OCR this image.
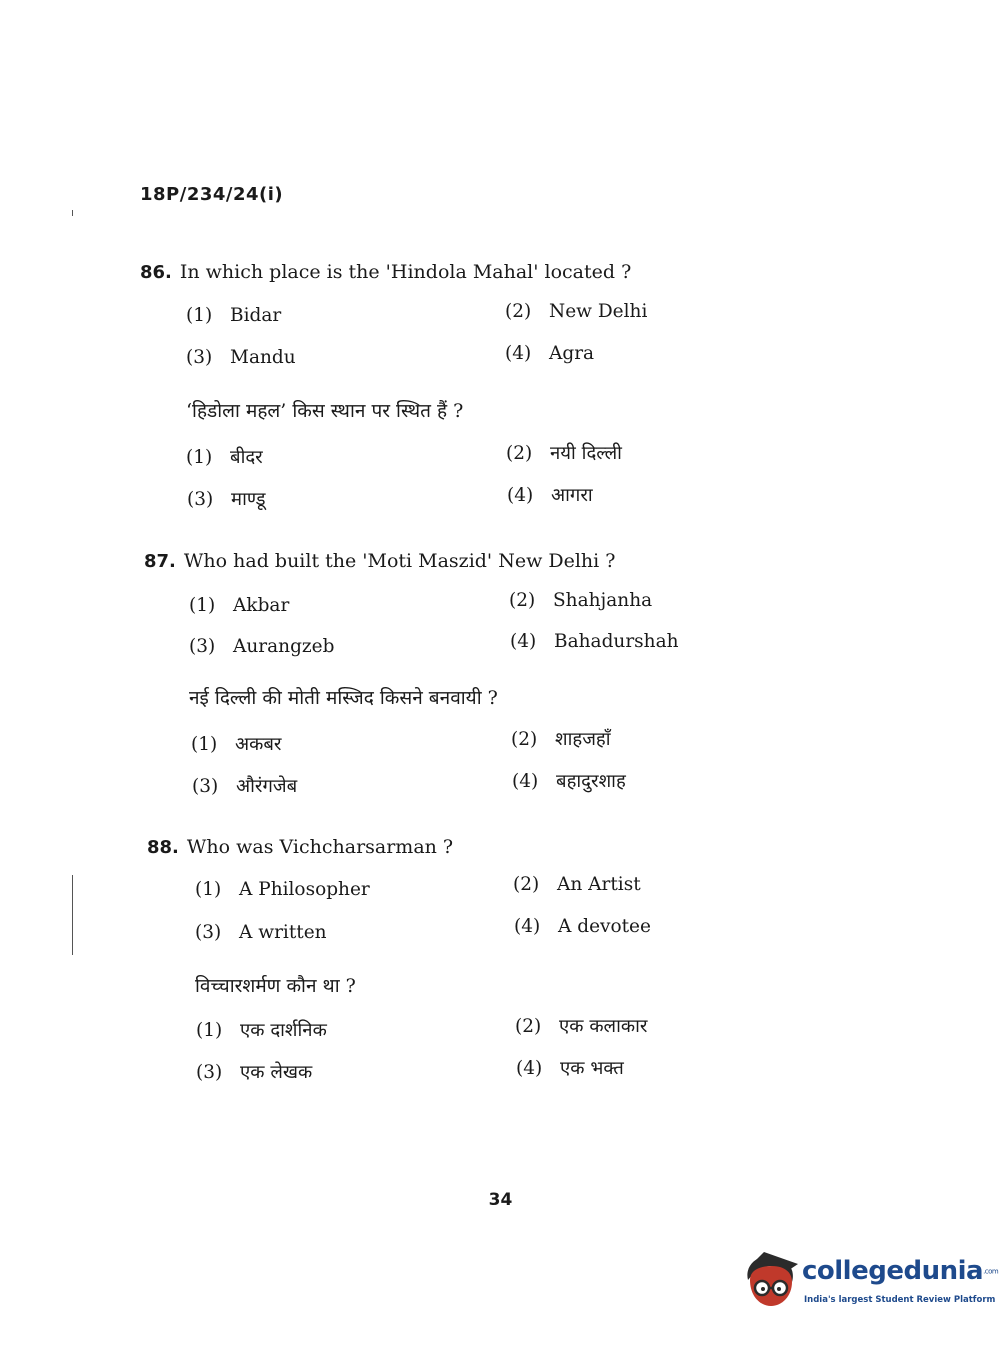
18P/234/24(i)
86. In which place is the 'Hindola Mahal' located ?
(1) Bidar	(2) New Delhi
(3) Mandu	(4) Agra
‘हिडोला महल’ किस स्थान पर स्थित हैं ?
(1) बीदर	(2) नयी दिल्ली
(3) माण्डू	(4) आगरा
87. Who had built the 'Moti Maszid' New Delhi ?
(1) Akbar	(2) Shahjanha
(3) Aurangzeb	(4) Bahadurshah
नई दिल्ली की मोती मस्जिद किसने बनवायी ?
(1) अकबर	(2) शाहजहाँ
(3) औरंगजेब	(4) बहादुरशाह
88. Who was Vichcharsarman ?
(1) A Philosopher	(2) An Artist
(3) A written	(4) A devotee
विच्चारशर्मण कौन था ?
(1) एक दार्शनिक	(2) एक कलाकार
(3) एक लेखक	(4) एक भक्त
34
collegedunia.com
India's largest Student Review Platform
